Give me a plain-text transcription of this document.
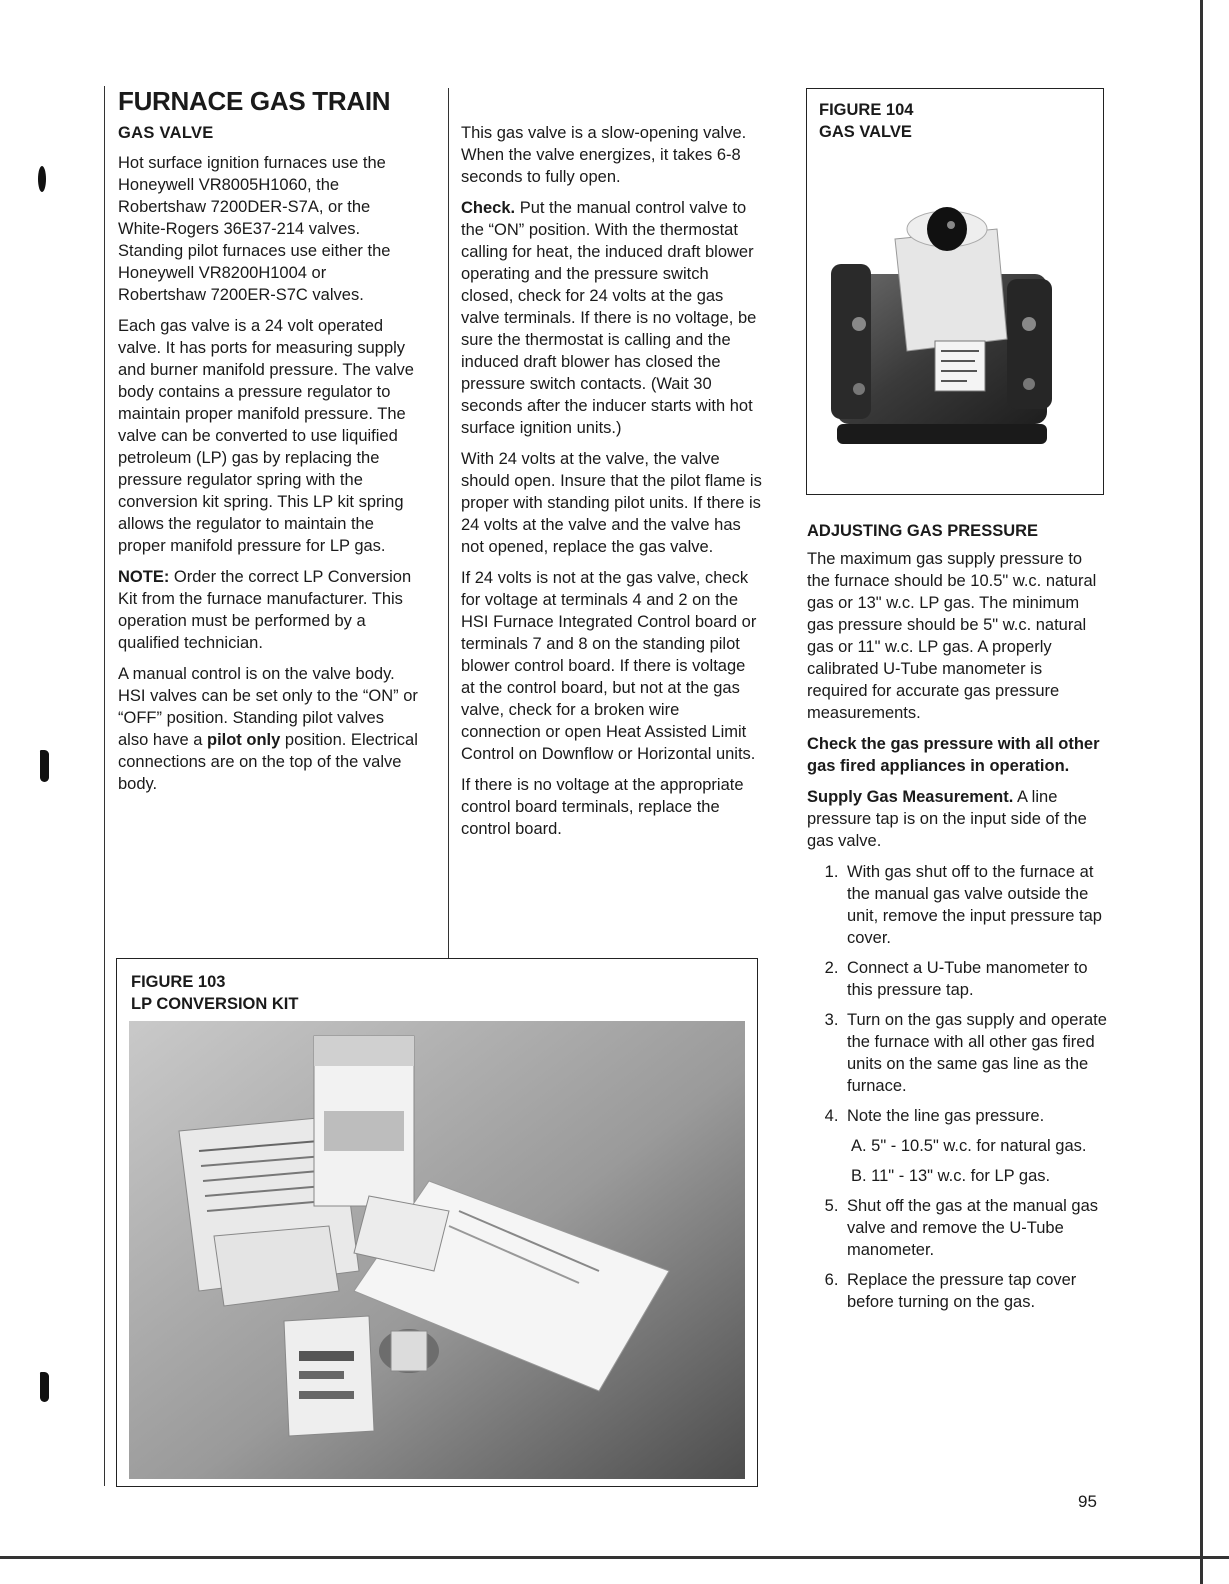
FURNACE GAS TRAIN
GAS VALVE

Hot surface ignition furnaces use the Honeywell VR8005H1060, the Robertshaw 7200DER-S7A, or the White-Rogers 36E37-214 valves. Standing pilot furnaces use either the Honeywell VR8200H1004 or Robertshaw 7200ER-S7C valves.

Each gas valve is a 24 volt operated valve. It has ports for measuring supply and burner manifold pressure. The valve body contains a pressure regulator to maintain proper manifold pressure. The valve can be converted to use liquified petroleum (LP) gas by replacing the pressure regulator spring with the conversion kit spring. This LP kit spring allows the regulator to maintain the proper manifold pressure for LP gas.

NOTE: Order the correct LP Conversion Kit from the furnace manufacturer. This operation must be performed by a qualified technician.

A manual control is on the valve body. HSI valves can be set only to the “ON” or “OFF” position. Standing pilot valves also have a pilot only position. Electrical connections are on the top of the valve body.

This gas valve is a slow-opening valve. When the valve energizes, it takes 6-8 seconds to fully open.

Check. Put the manual control valve to the “ON” position. With the thermostat calling for heat, the induced draft blower operating and the pressure switch closed, check for 24 volts at the gas valve terminals. If there is no voltage, be sure the thermostat is calling and the induced draft blower has closed the pressure switch contacts. (Wait 30 seconds after the inducer starts with hot surface ignition units.)

With 24 volts at the valve, the valve should open. Insure that the pilot flame is proper with standing pilot units. If there is 24 volts at the valve and the valve has not opened, replace the gas valve.

If 24 volts is not at the gas valve, check for voltage at terminals 4 and 2 on the HSI Furnace Integrated Control board or terminals 7 and 8 on the standing pilot blower control board. If there is voltage at the control board, but not at the gas valve, check for a broken wire connection or open Heat Assisted Limit Control on Downflow or Horizontal units.

If there is no voltage at the appropriate control board terminals, replace the control board.

FIGURE 104
GAS VALVE
ADJUSTING GAS PRESSURE

The maximum gas supply pressure to the furnace should be 10.5" w.c. natural gas or 13" w.c. LP gas. The minimum gas pressure should be 5" w.c. natural gas or 11" w.c. LP gas. A properly calibrated U-Tube manometer is required for accurate gas pressure measurements.

Check the gas pressure with all other gas fired appliances in operation.

Supply Gas Measurement. A line pressure tap is on the input side of the gas valve.

1. With gas shut off to the furnace at the manual gas valve outside the unit, remove the input pressure tap cover.
2. Connect a U-Tube manometer to this pressure tap.
3. Turn on the gas supply and operate the furnace with all other gas fired units on the same gas line as the furnace.
4. Note the line gas pressure.
A. 5" - 10.5" w.c. for natural gas.
B. 11" - 13" w.c. for LP gas.
5. Shut off the gas at the manual gas valve and remove the U-Tube manometer.
6. Replace the pressure tap cover before turning on the gas.
FIGURE 103
LP CONVERSION KIT
95
